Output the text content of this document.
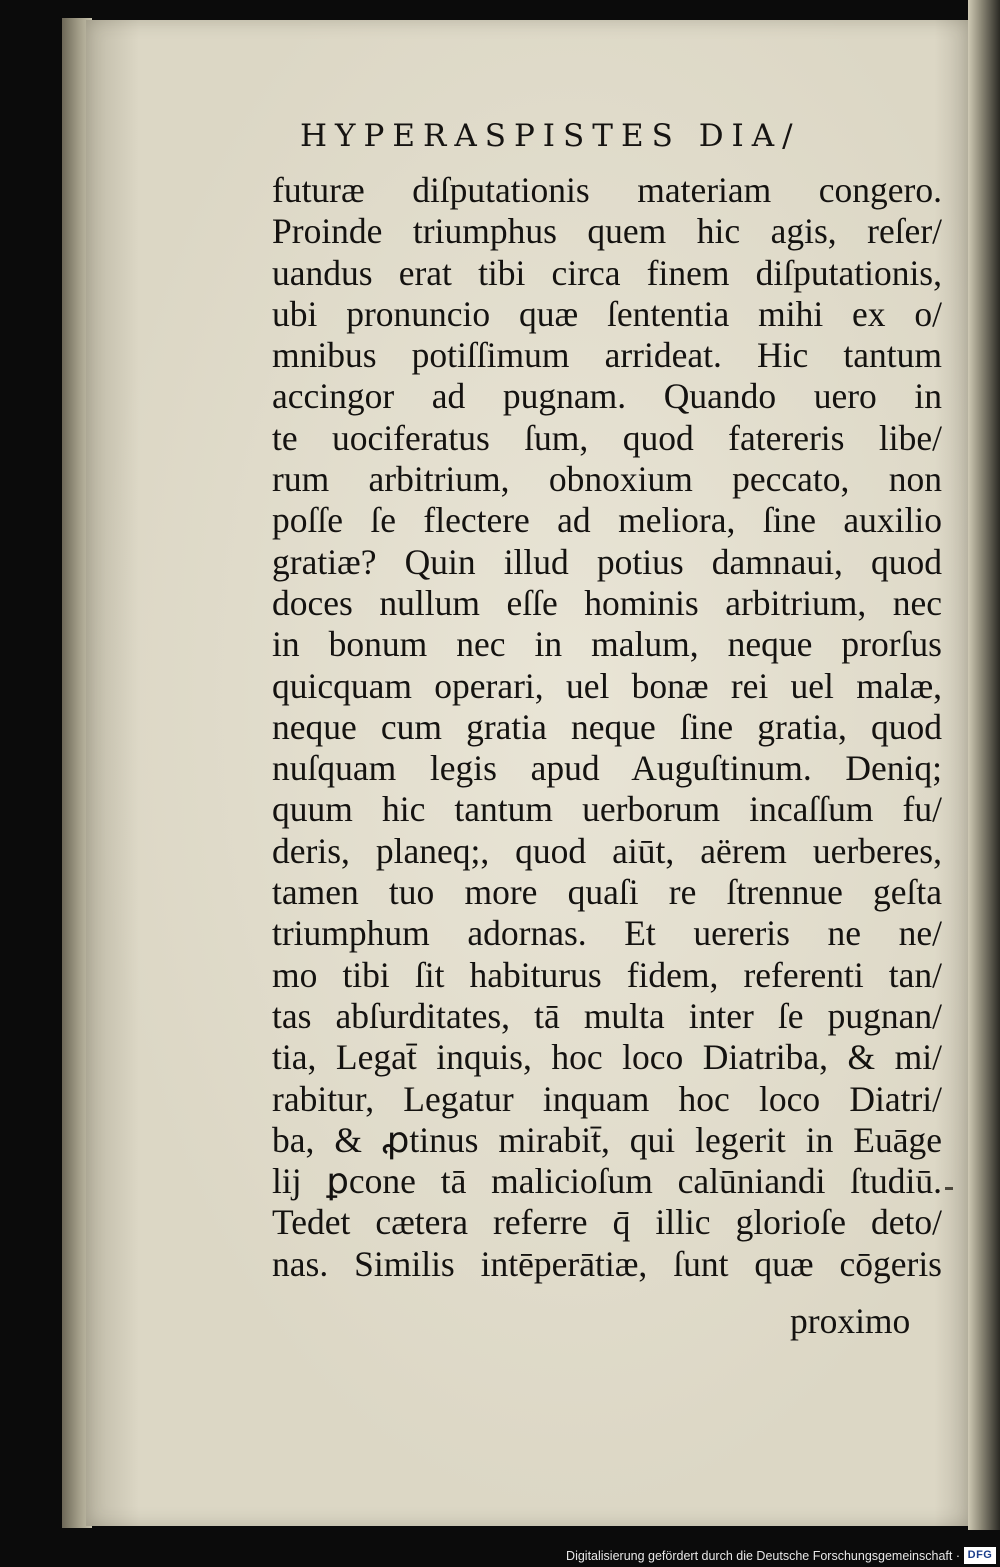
HYPERASPISTES DIA/
futuræ diſputationis materiam congero.
Proinde triumphus quem hic agis, reſer/
uandus erat tibi circa finem diſputationis,
ubi pronuncio quæ ſententia mihi ex o/
mnibus potiſſimum arrideat. Hic tantum
accingor ad pugnam. Quando uero in
te uociferatus ſum, quod fatereris libe/
rum arbitrium, obnoxium peccato, non
poſſe ſe flectere ad meliora, ſine auxilio
gratiæ? Quin illud potius damnaui, quod
doces nullum eſſe hominis arbitrium, nec
in bonum nec in malum, neque prorſus
quicquam operari, uel bonæ rei uel malæ,
neque cum gratia neque ſine gratia, quod
nuſquam legis apud Auguſtinum. Deniq;
quum hic tantum uerborum incaſſum fu/
deris, planeq;, quod aiūt, aërem uerberes,
tamen tuo more quaſi re ſtrennue geſta
triumphum adornas. Et uereris ne ne/
mo tibi ſit habiturus fidem, referenti tan/
tas abſurditates, tā multa inter ſe pugnan/
tia, Legat̄ inquis, hoc loco Diatriba, & mi/
rabitur, Legatur inquam hoc loco Diatri/
ba, & ꝓtinus mirabit̄, qui legerit in Euāge
lij ꝑcone tā malicioſum calūniandi ſtudiū.
Tedet cætera referre q̄ illic glorioſe deto/
nas. Similis intēperātiæ, ſunt quæ cōgeris
proximo
Digitalisierung gefördert durch die Deutsche Forschungsgemeinschaft · DFG
